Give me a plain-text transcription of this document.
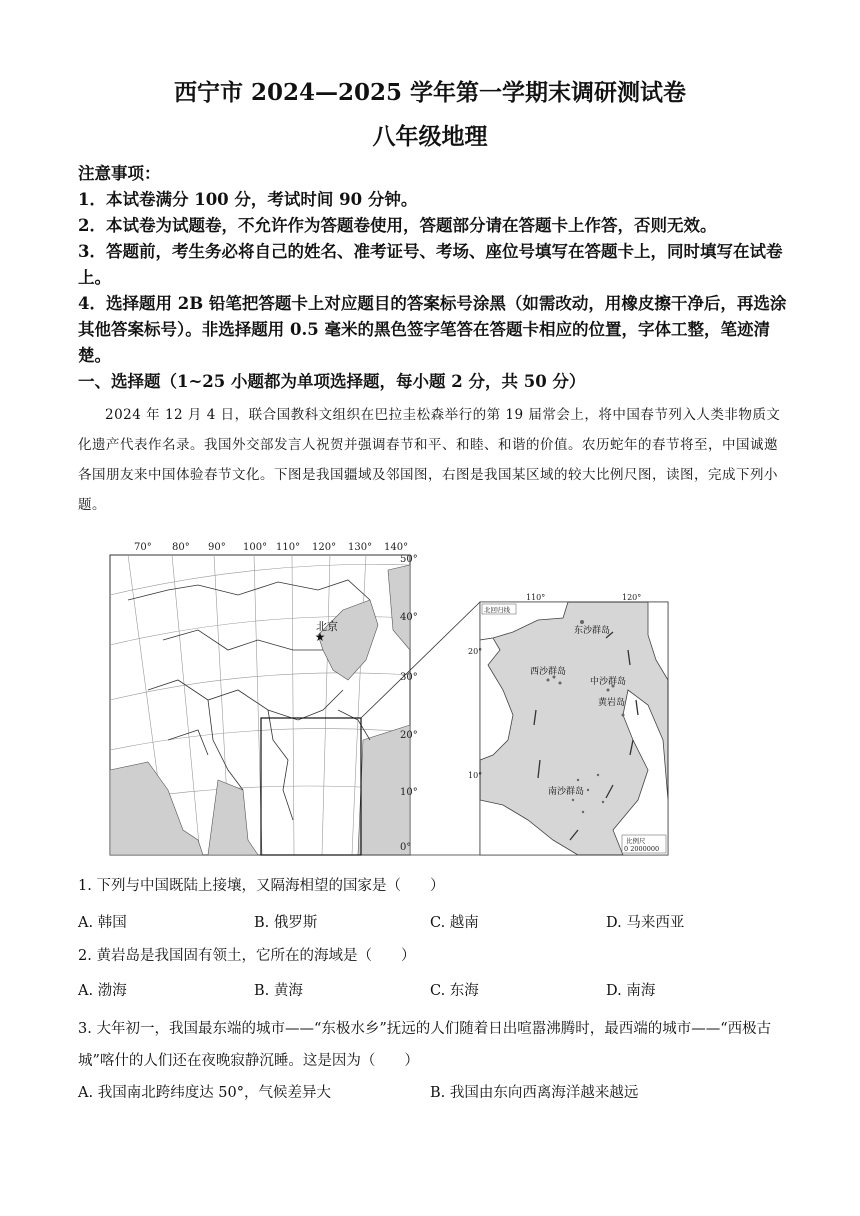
西宁市 2024—2025 学年第一学期末调研测试卷
八年级地理
注意事项：
1．本试卷满分 100 分，考试时间 90 分钟。
2．本试卷为试题卷，不允许作为答题卷使用，答题部分请在答题卡上作答，否则无效。
3．答题前，考生务必将自己的姓名、准考证号、考场、座位号填写在答题卡上，同时填写在试卷上。
4．选择题用 2B 铅笔把答题卡上对应题目的答案标号涂黑（如需改动，用橡皮擦干净后，再选涂其他答案标号）。非选择题用 0.5 毫米的黑色签字笔答在答题卡相应的位置，字体工整，笔迹清楚。
一、选择题（1~25 小题都为单项选择题，每小题 2 分，共 50 分）
2024 年 12 月 4 日，联合国教科文组织在巴拉圭松森举行的第 19 届常会上，将中国春节列入人类非物质文化遗产代表作名录。我国外交部发言人祝贺并强调春节和平、和睦、和谐的价值。农历蛇年的春节将至，中国诚邀各国朋友来中国体验春节文化。下图是我国疆域及邻国图，右图是我国某区域的较大比例尺图，读图，完成下列小题。
★
北京
70° 80° 90° 100° 110° 120° 130° 140°
50°
40°
30°
20°
10°
0°
110°	120°
20°
10°
北回归线
东沙群岛
西沙群岛
中沙群岛
黄岩岛
南沙群岛
比例尺
0 2000000
1. 下列与中国既陆上接壤，又隔海相望的国家是（　　）
A. 韩国	B. 俄罗斯	C. 越南	D. 马来西亚
2. 黄岩岛是我国固有领土，它所在的海域是（　　）
A. 渤海	B. 黄海	C. 东海	D. 南海
3. 大年初一，我国最东端的城市——“东极水乡”抚远的人们随着日出喧嚣沸腾时，最西端的城市——“西极古城”喀什的人们还在夜晚寂静沉睡。这是因为（　　）
A. 我国南北跨纬度达 50°，气候差异大	B. 我国由东向西离海洋越来越远
